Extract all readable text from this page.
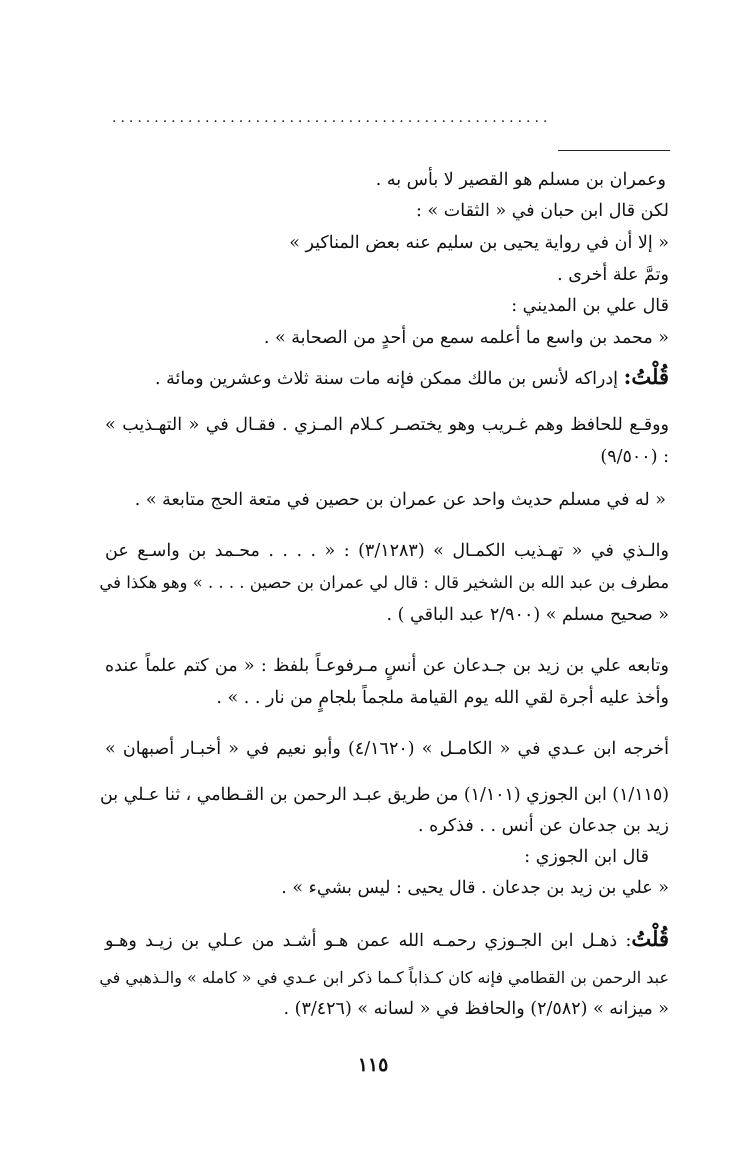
....................................................
وعمران بن مسلم هو القصير لا بأس به .
لكن قال ابن حبان في « الثقات » :
« إلا أن في رواية يحيى بن سليم عنه بعض المناكير »
وتمَّ علة أخرى .
قال علي بن المديني :
« محمد بن واسع ما أعلمه سمع من أحدٍ من الصحابة » .
قُلْتُ: إدراكه لأنس بن مالك ممكن فإنه مات سنة ثلاث وعشرين ومائة .
ووقـع للحافظ وهم غـريب وهو يختصـر كـلام المـزي . فقـال في « التهـذيب »
(٩/٥٠٠) :
« له في مسلم حديث واحد عن عمران بن حصين في متعة الحج متابعة » .
والـذي في « تهـذيب الكمـال » (٣/١٢٨٣) : « . . . . محـمد بن واسـع عن
مطرف بن عبد الله بن الشخير قال : قال لي عمران بن حصين . . . . » وهو هكذا في
« صحيح مسلم » (٢/٩٠٠ عبد الباقي ) .
وتابعه علي بن زيد بن جـدعان عن أنسٍ مـرفوعـاً بلفظ : « من كتم علماً عنده
وأخذ عليه أجرة لقي الله يوم القيامة ملجماً بلجامٍ من نار . . » .
أخرجه ابن عـدي في « الكامـل » (٤/١٦٢٠) وأبو نعيم في « أخبـار أصبهان »
(١/١١٥) ابن الجوزي (١/١٠١) من طريق عبـد الرحمن بن القـطامي ، ثنا عـلي بن
زيد بن جدعان عن أنس . . فذكره .
قال ابن الجوزي :
« علي بن زيد بن جدعان . قال يحيى : ليس بشيء » .
قُلْتُ: ذهـل ابن الجـوزي رحمـه الله عمن هـو أشـد من عـلي بن زيـد وهـو
عبد الرحمن بن القطامي فإنه كان كـذاباً كـما ذكر ابن عـدي في « كامله » والـذهبي في
« ميزانه » (٢/٥٨٢) والحافظ في « لسانه » (٣/٤٢٦) .
١١٥
